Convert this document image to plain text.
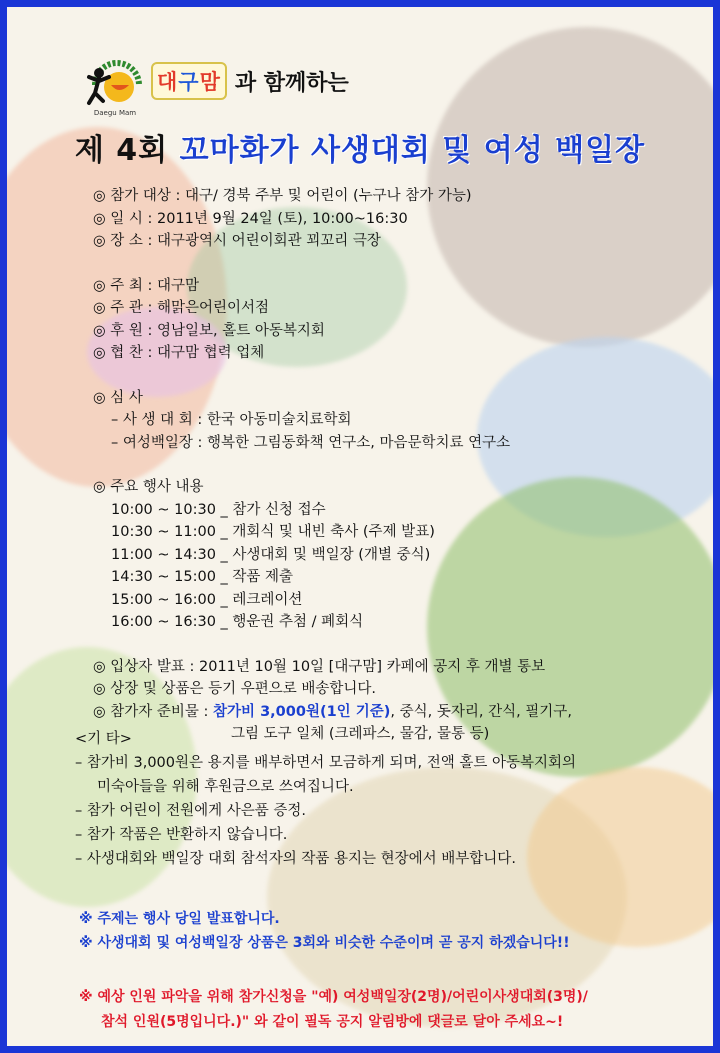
Daegu Mam
대구맘 과 함께하는
제 4회 꼬마화가 사생대회 및 여성 백일장
◎ 참가 대상 : 대구/ 경북 주부 및 어린이 (누구나 참가 가능)
◎ 일 시 : 2011년 9월 24일 (토), 10:00~16:30
◎ 장 소 : 대구광역시 어린이회관 꾀꼬리 극장
◎ 주 최 : 대구맘
◎ 주 관 : 해맑은어린이서점
◎ 후 원 : 영남일보, 홀트 아동복지회
◎ 협 찬 : 대구맘 협력 업체
◎ 심 사
– 사 생 대 회 : 한국 아동미술치료학회
– 여성백일장 : 행복한 그림동화책 연구소, 마음문학치료 연구소
◎ 주요 행사 내용
10:00 ~ 10:30 _ 참가 신청 접수
10:30 ~ 11:00 _ 개회식 및 내빈 축사 (주제 발표)
11:00 ~ 14:30 _ 사생대회 및 백일장 (개별 중식)
14:30 ~ 15:00 _ 작품 제출
15:00 ~ 16:00 _ 레크레이션
16:00 ~ 16:30 _ 행운권 추첨 / 폐회식
◎ 입상자 발표 : 2011년 10월 10일 [대구맘] 카페에 공지 후 개별 통보
◎ 상장 및 상품은 등기 우편으로 배송합니다.
◎ 참가자 준비물 : 참가비 3,000원(1인 기준), 중식, 돗자리, 간식, 필기구,
그림 도구 일체 (크레파스, 물감, 물통 등)
<기 타>
– 참가비 3,000원은 용지를 배부하면서 모금하게 되며, 전액 홀트 아동복지회의
미숙아들을 위해 후원금으로 쓰여집니다.
– 참가 어린이 전원에게 사은품 증정.
– 참가 작품은 반환하지 않습니다.
– 사생대회와 백일장 대회 참석자의 작품 용지는 현장에서 배부합니다.
※ 주제는 행사 당일 발표합니다.
※ 사생대회 및 여성백일장 상품은 3회와 비슷한 수준이며 곧 공지 하겠습니다!!
※ 예상 인원 파악을 위해 참가신청을 "예) 여성백일장(2명)/어린이사생대회(3명)/
참석 인원(5명입니다.)" 와 같이 필독 공지 알림방에 댓글로 달아 주세요~!
